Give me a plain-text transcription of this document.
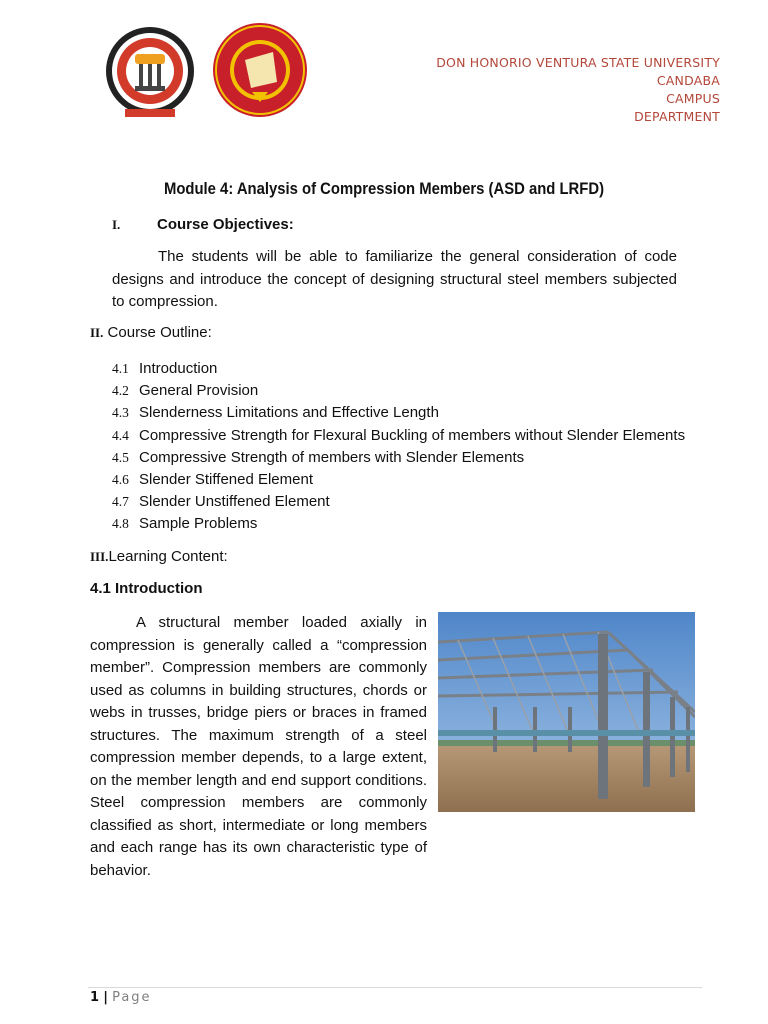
DON HONORIO VENTURA STATE UNIVERSITY
CANDABA
CAMPUS
DEPARTMENT
Module 4: Analysis of Compression Members (ASD and LRFD)
I. Course Objectives:

The students will be able to familiarize the general consideration of code designs and introduce the concept of designing structural steel members subjected to compression.

II. Course Outline:
4.1 Introduction
4.2 General Provision
4.3 Slenderness Limitations and Effective Length
4.4 Compressive Strength for Flexural Buckling of members without Slender Elements
4.5 Compressive Strength of members with Slender Elements
4.6 Slender Stiffened Element
4.7 Slender Unstiffened Element
4.8 Sample Problems
III.Learning Content:
4.1 Introduction

A structural member loaded axially in compression is generally called a “compression member”. Compression members are commonly used as columns in building structures, chords or webs in trusses, bridge piers or braces in framed structures. The maximum strength of a steel compression member depends, to a large extent, on the member length and end support conditions. Steel compression members are commonly classified as short, intermediate or long members and each range has its own characteristic type of behavior.

1 | Page
